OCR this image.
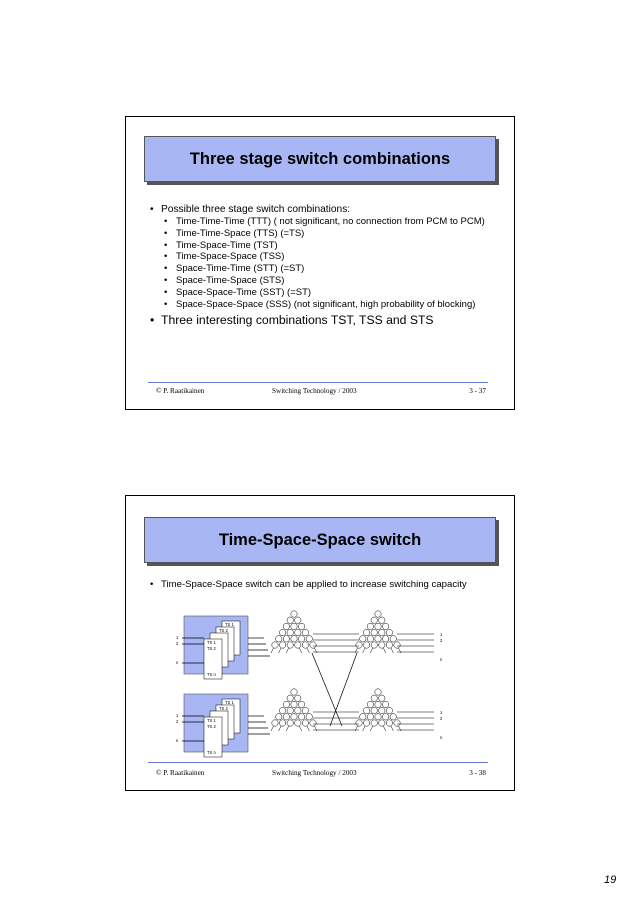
Three stage switch combinations

• Possible three stage switch combinations:

• Time-Time-Time (TTT) ( not significant, no connection from PCM to PCM)
• Time-Time-Space (TTS) (=TS)
• Time-Space-Time (TST)
• Time-Space-Space (TSS)
• Space-Time-Time (STT) (=ST)
• Space-Time-Space (STS)
• Space-Space-Time (SST) (=ST)
• Space-Space-Space (SSS) (not significant, high probability of blocking)

• Three interesting combinations TST, TSS and STS

© P. Raatikainen	Switching Technology / 2003	3 - 37
Time-Space-Space switch

• Time-Space-Space switch can be applied to increase switching capacity

TS 1
TS 2
TS 1
TS 2
TS n
1
2
n
TS 1
TS 2
TS 1
TS 2
TS n
1
2
n
1
2
n
1
2
n
© P. Raatikainen	Switching Technology / 2003	3 - 38
19
